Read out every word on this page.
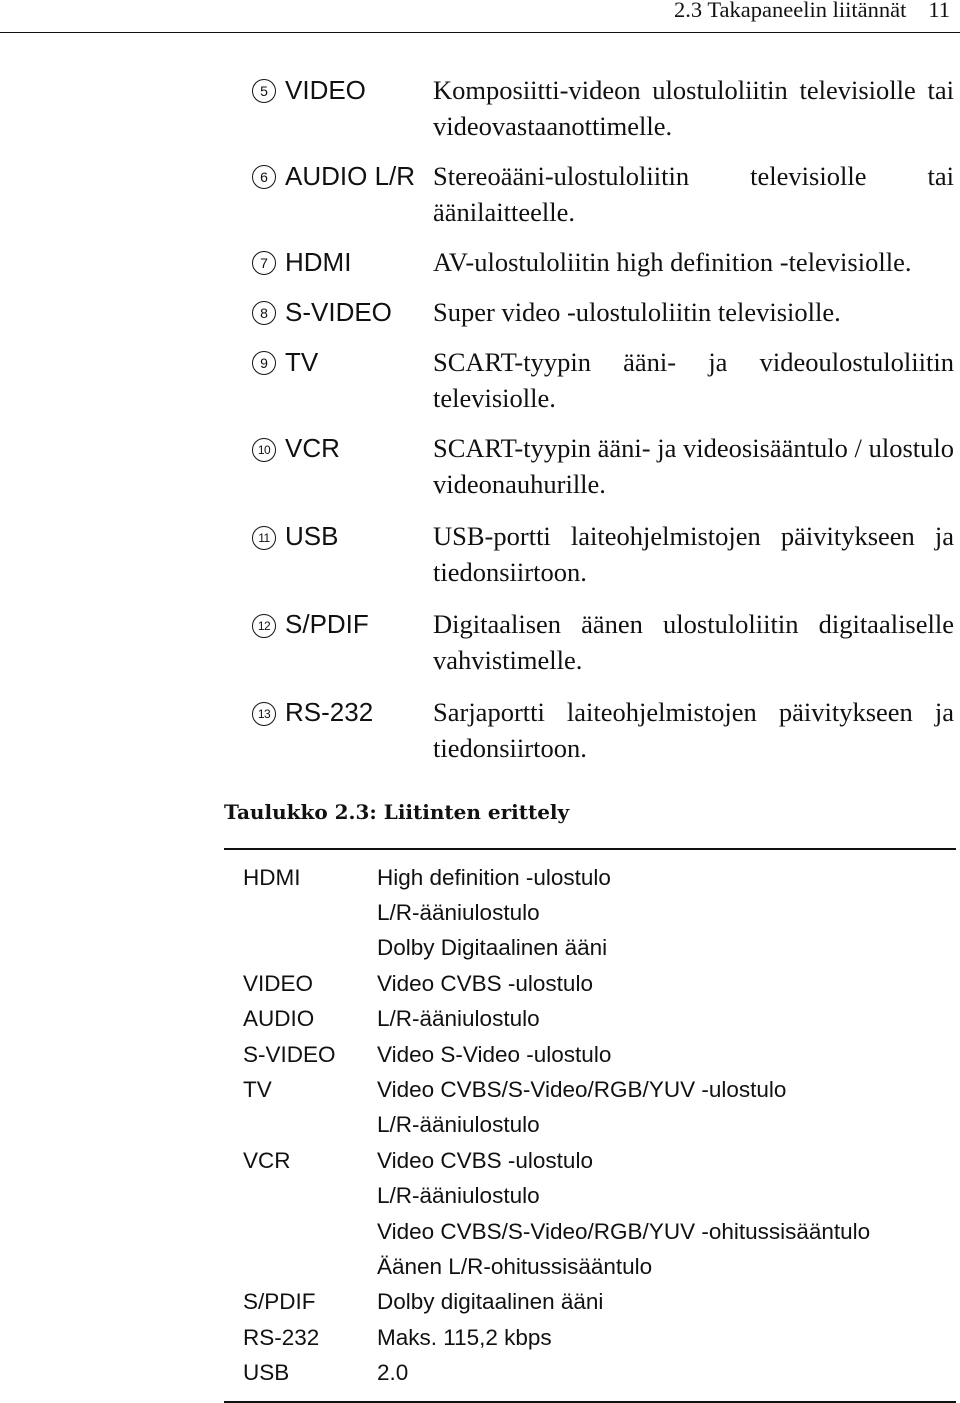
2.3 Takapaneelin liitännät 11
5 VIDEO	Komposiitti-videon ulostuloliitin televisiolle tai videovastaanottimelle.
6 AUDIO L/R Stereoääni-ulostuloliitin televisiolle tai äänilaitteelle.
7 HDMI	AV-ulostuloliitin high definition -televisiolle.
8 S-VIDEO	Super video -ulostuloliitin televisiolle.
9 TV	SCART-tyypin ääni- ja videoulostuloliitin televisiolle.
10 VCR	SCART-tyypin ääni- ja videosisääntulo / ulostulo videonauhurille.
11 USB	USB-portti laiteohjelmistojen päivitykseen ja tiedonsiirtoon.
12 S/PDIF	Digitaalisen äänen ulostuloliitin digitaaliselle vahvistimelle.
13 RS-232	Sarjaportti laiteohjelmistojen päivitykseen ja tiedonsiirtoon.
Taulukko 2.3: Liitinten erittely
HDMI	High definition -ulostulo
L/R-ääniulostulo
Dolby Digitaalinen ääni
VIDEO	Video CVBS -ulostulo
AUDIO	L/R-ääniulostulo
S-VIDEO	Video S-Video -ulostulo
TV	Video CVBS/S-Video/RGB/YUV -ulostulo
L/R-ääniulostulo
VCR	Video CVBS -ulostulo
L/R-ääniulostulo
Video CVBS/S-Video/RGB/YUV -ohitussisääntulo
Äänen L/R-ohitussisääntulo
S/PDIF	Dolby digitaalinen ääni
RS-232	Maks. 115,2 kbps
USB	2.0
